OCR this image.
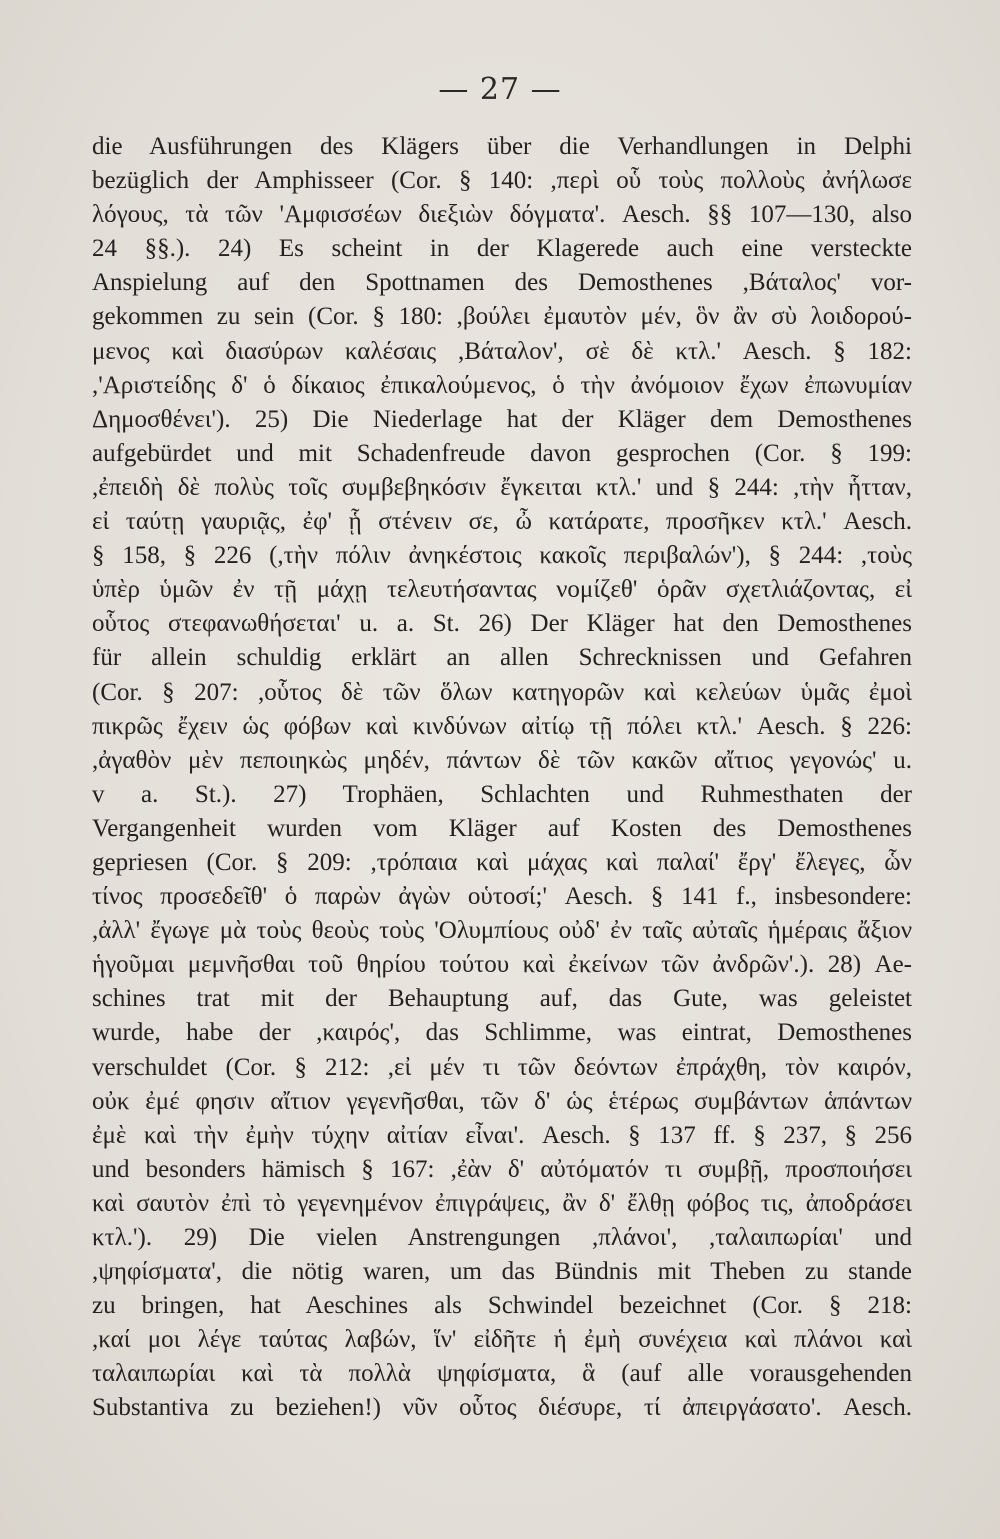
— 27 —
die Ausführungen des Klägers über die Verhandlungen in Delphi
bezüglich der Amphisseer (Cor. § 140: ,περὶ οὗ τοὺς πολλοὺς ἀνήλωσε
λόγους, τὰ τῶν 'Αμφισσέων διεξιὼν δόγματα'. Aesch. §§ 107—130, also
24 §§.). 24) Es scheint in der Klagerede auch eine versteckte
Anspielung auf den Spottnamen des Demosthenes ,Βάταλος' vor-
gekommen zu sein (Cor. § 180: ,βούλει ἐμαυτὸν μέν, ὃν ἂν σὺ λοιδορού-
μενος καὶ διασύρων καλέσαις ,Βάταλον', σὲ δὲ κτλ.' Aesch. § 182:
,'Αριστείδης δ' ὁ δίκαιος ἐπικαλούμενος, ὁ τὴν ἀνόμοιον ἔχων ἐπωνυμίαν
Δημοσθένει'). 25) Die Niederlage hat der Kläger dem Demosthenes
aufgebürdet und mit Schadenfreude davon gesprochen (Cor. § 199:
,ἐπειδὴ δὲ πολὺς τοῖς συμβεβηκόσιν ἔγκειται κτλ.' und § 244: ,τὴν ἧτταν,
εἰ ταύτῃ γαυριᾷς, ἐφ' ᾗ στένειν σε, ὦ κατάρατε, προσῆκεν κτλ.' Aesch.
§ 158, § 226 (,τὴν πόλιν ἀνηκέστοις κακοῖς περιβαλών'), § 244: ,τοὺς
ὑπὲρ ὑμῶν ἐν τῇ μάχῃ τελευτήσαντας νομίζεθ' ὁρᾶν σχετλιάζοντας, εἰ
οὗτος στεφανωθήσεται' u. a. St. 26) Der Kläger hat den Demosthenes
für allein schuldig erklärt an allen Schrecknissen und Gefahren
(Cor. § 207: ,οὗτος δὲ τῶν ὅλων κατηγορῶν καὶ κελεύων ὑμᾶς ἐμοὶ
πικρῶς ἔχειν ὡς φόβων καὶ κινδύνων αἰτίῳ τῇ πόλει κτλ.' Aesch. § 226:
,ἀγαθὸν μὲν πεποιηκὼς μηδέν, πάντων δὲ τῶν κακῶν αἴτιος γεγονώς' u.
v a. St.). 27) Trophäen, Schlachten und Ruhmesthaten der
Vergangenheit wurden vom Kläger auf Kosten des Demosthenes
gepriesen (Cor. § 209: ,τρόπαια καὶ μάχας καὶ παλαί' ἔργ' ἔλεγες, ὧν
τίνος προσεδεῖθ' ὁ παρὼν ἀγὼν οὑτοσί;' Aesch. § 141 f., insbesondere:
,ἀλλ' ἔγωγε μὰ τοὺς θεοὺς τοὺς 'Ολυμπίους οὐδ' ἐν ταῖς αὐταῖς ἡμέραις ἄξιον
ἡγοῦμαι μεμνῆσθαι τοῦ θηρίου τούτου καὶ ἐκείνων τῶν ἀνδρῶν'.). 28) Ae-
schines trat mit der Behauptung auf, das Gute, was geleistet
wurde, habe der ,καιρός', das Schlimme, was eintrat, Demosthenes
verschuldet (Cor. § 212: ,εἰ μέν τι τῶν δεόντων ἐπράχθη, τὸν καιρόν,
οὐκ ἐμέ φησιν αἴτιον γεγενῆσθαι, τῶν δ' ὡς ἑτέρως συμβάντων ἁπάντων
ἐμὲ καὶ τὴν ἐμὴν τύχην αἰτίαν εἶναι'. Aesch. § 137 ff. § 237, § 256
und besonders hämisch § 167: ,ἐὰν δ' αὐτόματόν τι συμβῇ, προσποιήσει
καὶ σαυτὸν ἐπὶ τὸ γεγενημένον ἐπιγράψεις, ἂν δ' ἔλθῃ φόβος τις, ἀποδράσει
κτλ.'). 29) Die vielen Anstrengungen ,πλάνοι', ,ταλαιπωρίαι' und
,ψηφίσματα', die nötig waren, um das Bündnis mit Theben zu stande
zu bringen, hat Aeschines als Schwindel bezeichnet (Cor. § 218:
,καί μοι λέγε ταύτας λαβών, ἵν' εἰδῆτε ἡ ἐμὴ συνέχεια καὶ πλάνοι καὶ
ταλαιπωρίαι καὶ τὰ πολλὰ ψηφίσματα, ἃ (auf alle vorausgehenden
Substantiva zu beziehen!) νῦν οὗτος διέσυρε, τί ἀπειργάσατο'. Aesch.
